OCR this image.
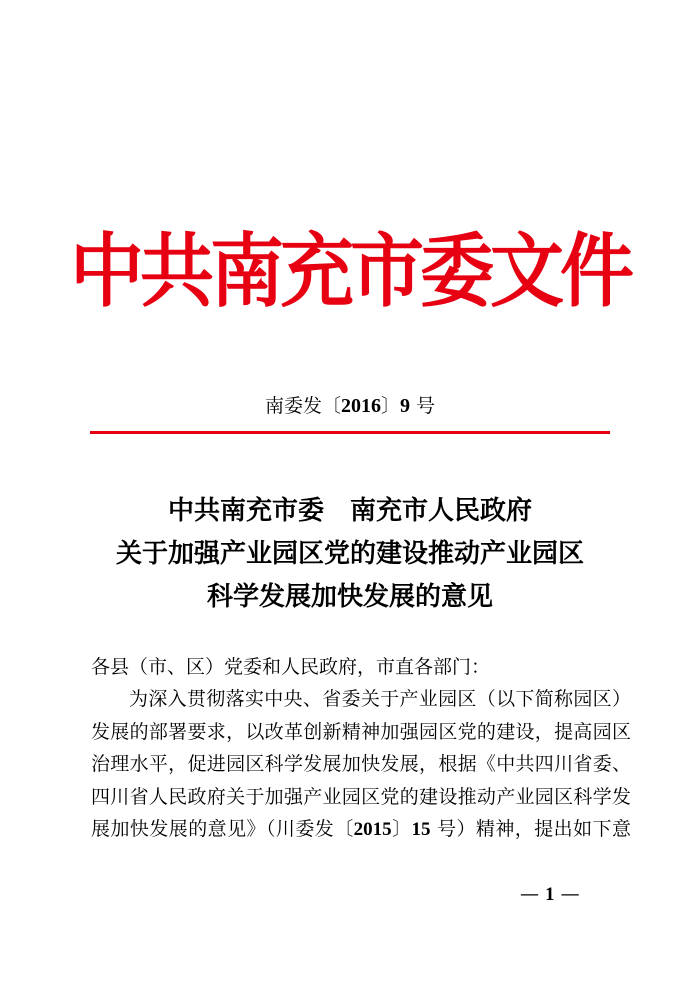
中共南充市委文件
南委发〔2016〕9 号
中共南充市委　南充市人民政府
关于加强产业园区党的建设推动产业园区
科学发展加快发展的意见
各县（市、区）党委和人民政府，市直各部门：
为深入贯彻落实中央、省委关于产业园区（以下简称园区）
发展的部署要求，以改革创新精神加强园区党的建设，提高园区
治理水平，促进园区科学发展加快发展，根据《中共四川省委、
四川省人民政府关于加强产业园区党的建设推动产业园区科学发
展加快发展的意见》（川委发〔2015〕15 号）精神，提出如下意
— 1 —
